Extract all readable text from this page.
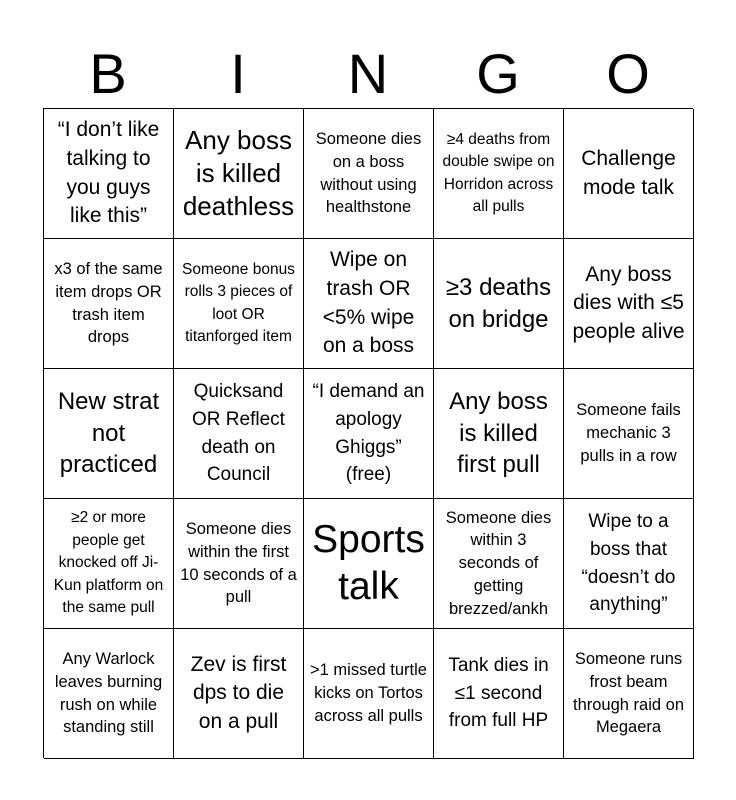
B	I	N	G	O
“I don’t like talking to you guys like this”
Any boss is killed deathless
Someone dies on a boss without using healthstone
≥4 deaths from double swipe on Horridon across all pulls
Challenge mode talk
x3 of the same item drops OR trash item drops
Someone bonus rolls 3 pieces of loot OR titanforged item
Wipe on trash OR <5% wipe on a boss
≥3 deaths on bridge
Any boss dies with ≤5 people alive
New strat not practiced
Quicksand OR Reflect death on Council
“I demand an apology Ghiggs” (free)
Any boss is killed first pull
Someone fails mechanic 3 pulls in a row
≥2 or more people get knocked off Ji-Kun platform on the same pull
Someone dies within the first 10 seconds of a pull
Sports talk
Someone dies within 3 seconds of getting brezzed/ankh
Wipe to a boss that “doesn’t do anything”
Any Warlock leaves burning rush on while standing still
Zev is first dps to die on a pull
>1 missed turtle kicks on Tortos across all pulls
Tank dies in ≤1 second from full HP
Someone runs frost beam through raid on Megaera
